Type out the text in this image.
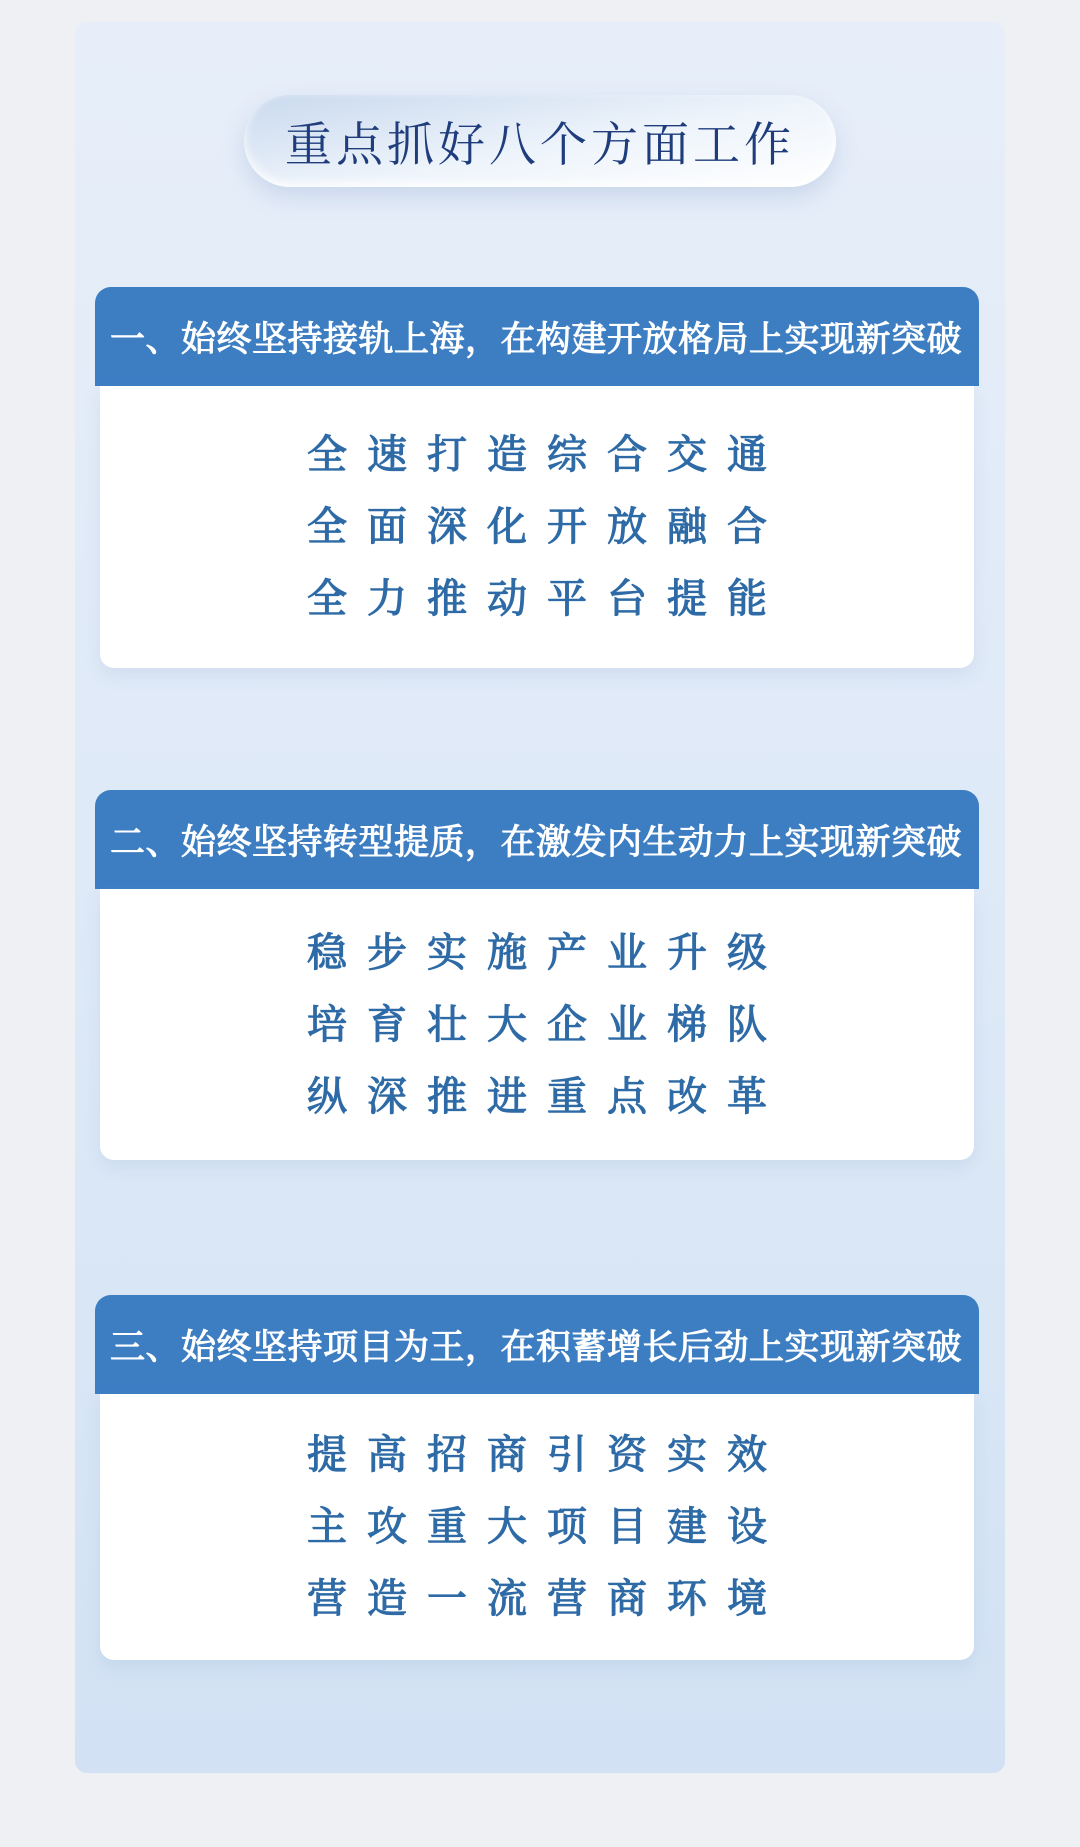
重点抓好八个方面工作
一、始终坚持接轨上海，在构建开放格局上实现新突破

全速打造综合交通

全面深化开放融合

全力推动平台提能

二、始终坚持转型提质，在激发内生动力上实现新突破

稳步实施产业升级

培育壮大企业梯队

纵深推进重点改革

三、始终坚持项目为王，在积蓄增长后劲上实现新突破

提高招商引资实效

主攻重大项目建设

营造一流营商环境
